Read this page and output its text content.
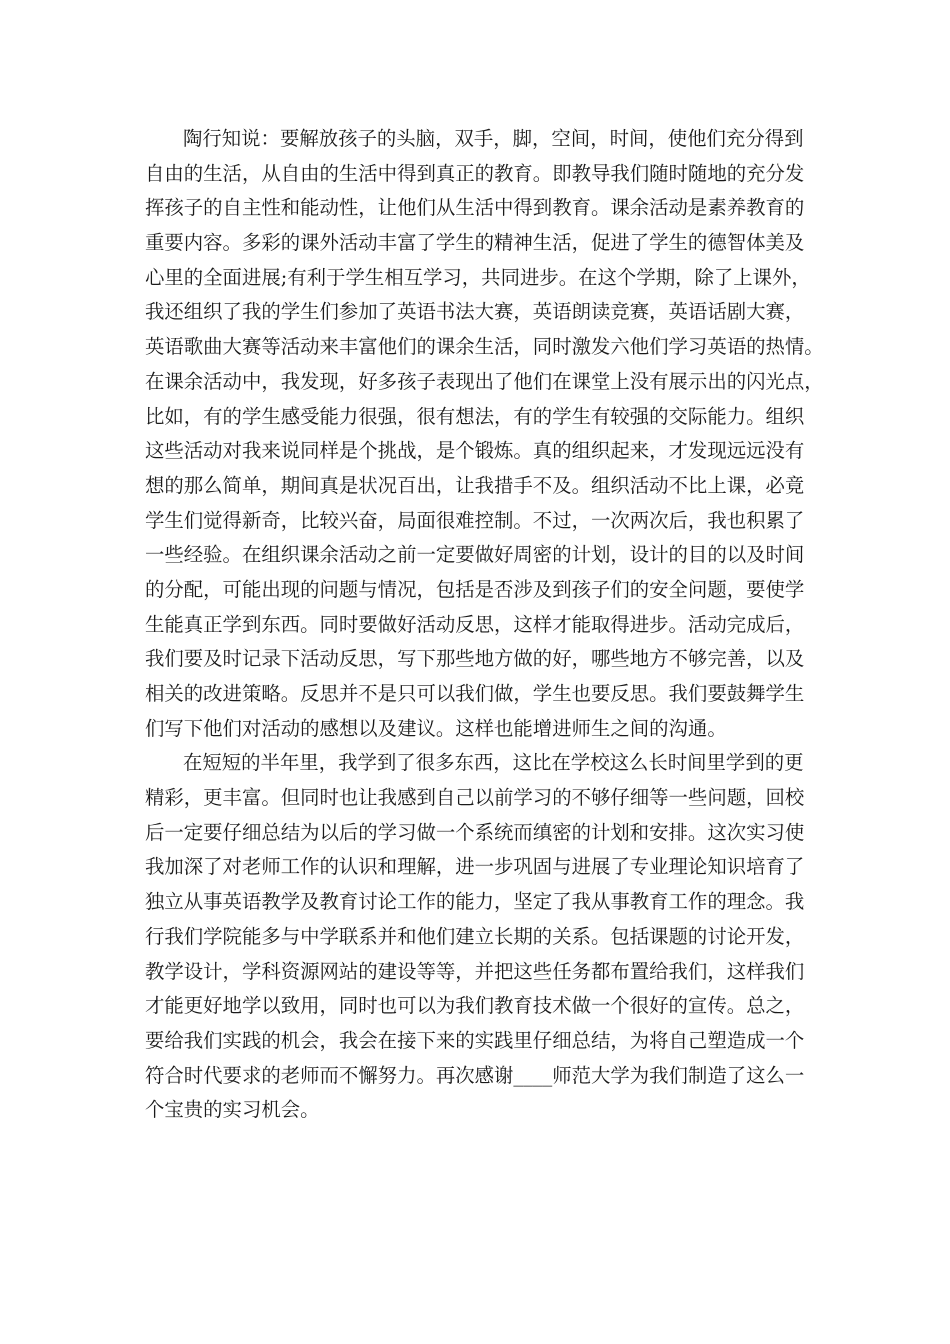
陶行知说：要解放孩子的头脑，双手，脚，空间，时间，使他们充分得到
自由的生活，从自由的生活中得到真正的教育。即教导我们随时随地的充分发
挥孩子的自主性和能动性，让他们从生活中得到教育。课余活动是素养教育的
重要内容。多彩的课外活动丰富了学生的精神生活，促进了学生的德智体美及
心里的全面进展;有利于学生相互学习，共同进步。在这个学期，除了上课外，
我还组织了我的学生们参加了英语书法大赛，英语朗读竞赛，英语话剧大赛，
英语歌曲大赛等活动来丰富他们的课余生活，同时激发六他们学习英语的热情。
在课余活动中，我发现，好多孩子表现出了他们在课堂上没有展示出的闪光点，
比如，有的学生感受能力很强，很有想法，有的学生有较强的交际能力。组织
这些活动对我来说同样是个挑战，是个锻炼。真的组织起来，才发现远远没有
想的那么简单，期间真是状况百出，让我措手不及。组织活动不比上课，必竟
学生们觉得新奇，比较兴奋，局面很难控制。不过，一次两次后，我也积累了
一些经验。在组织课余活动之前一定要做好周密的计划，设计的目的以及时间
的分配，可能出现的问题与情况，包括是否涉及到孩子们的安全问题，要使学
生能真正学到东西。同时要做好活动反思，这样才能取得进步。活动完成后，
我们要及时记录下活动反思，写下那些地方做的好，哪些地方不够完善，以及
相关的改进策略。反思并不是只可以我们做，学生也要反思。我们要鼓舞学生
们写下他们对活动的感想以及建议。这样也能增进师生之间的沟通。
在短短的半年里，我学到了很多东西，这比在学校这么长时间里学到的更
精彩，更丰富。但同时也让我感到自己以前学习的不够仔细等一些问题，回校
后一定要仔细总结为以后的学习做一个系统而缜密的计划和安排。这次实习使
我加深了对老师工作的认识和理解，进一步巩固与进展了专业理论知识培育了
独立从事英语教学及教育讨论工作的能力，坚定了我从事教育工作的理念。我
行我们学院能多与中学联系并和他们建立长期的关系。包括课题的讨论开发，
教学设计，学科资源网站的建设等等，并把这些任务都布置给我们，这样我们
才能更好地学以致用，同时也可以为我们教育技术做一个很好的宣传。总之，
要给我们实践的机会，我会在接下来的实践里仔细总结，为将自己塑造成一个
符合时代要求的老师而不懈努力。再次感谢____师范大学为我们制造了这么一
个宝贵的实习机会。
